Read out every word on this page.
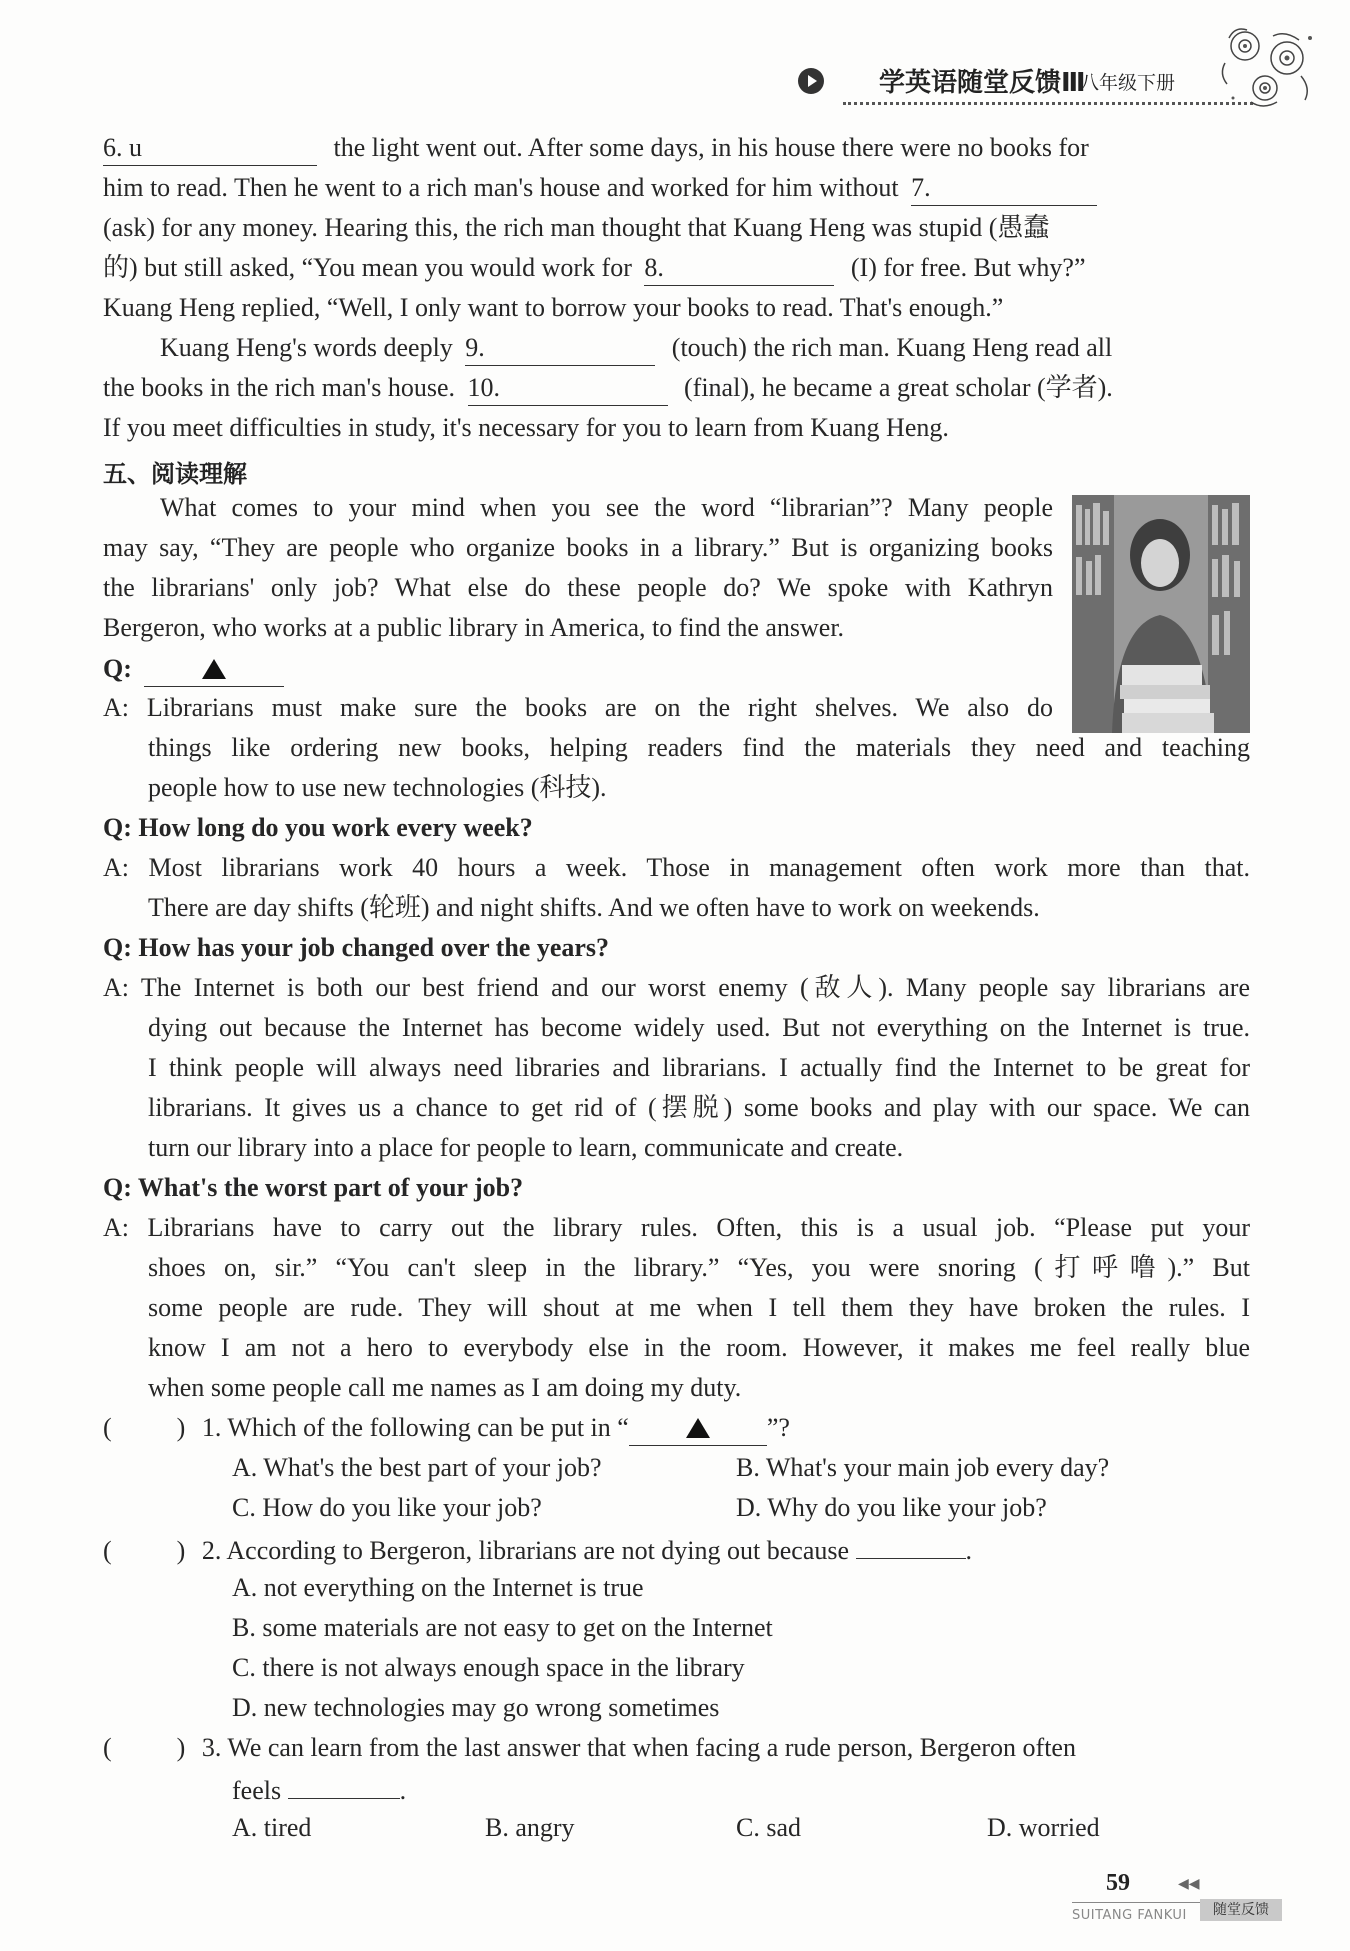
学英语随堂反馈Ⅲ
八年级下册
6. u	the light went out. After some days, in his house there were no books for
him to read. Then he went to a rich man's house and worked for him without 7.
(ask) for any money. Hearing this, the rich man thought that Kuang Heng was stupid (愚蠢
的) but still asked, “You mean you would work for 8.	(I) for free. But why?”
Kuang Heng replied, “Well, I only want to borrow your books to read. That's enough.”
Kuang Heng's words deeply 9.	(touch) the rich man. Kuang Heng read all
the books in the rich man's house. 10.	(final), he became a great scholar (学者).
If you meet difficulties in study, it's necessary for you to learn from Kuang Heng.
五、阅读理解
What comes to your mind when you see the word “librarian”? Many people
may say, “They are people who organize books in a library.” But is organizing books
the librarians' only job? What else do these people do? We spoke with Kathryn
Bergeron, who works at a public library in America, to find the answer.
Q:
A: Librarians must make sure the books are on the right shelves. We also do
things like ordering new books, helping readers find the materials they need and teaching
people how to use new technologies (科技).
Q: How long do you work every week?
A: Most librarians work 40 hours a week. Those in management often work more than that.
There are day shifts (轮班) and night shifts. And we often have to work on weekends.
Q: How has your job changed over the years?
A: The Internet is both our best friend and our worst enemy (敌人). Many people say librarians are
dying out because the Internet has become widely used. But not everything on the Internet is true.
I think people will always need libraries and librarians. I actually find the Internet to be great for
librarians. It gives us a chance to get rid of (摆脱) some books and play with our space. We can
turn our library into a place for people to learn, communicate and create.
Q: What's the worst part of your job?
A: Librarians have to carry out the library rules. Often, this is a usual job. “Please put your
shoes on, sir.” “You can't sleep in the library.” “Yes, you were snoring (打呼噜).” But
some people are rude. They will shout at me when I tell them they have broken the rules. I
know I am not a hero to everybody else in the room. However, it makes me feel really blue
when some people call me names as I am doing my duty.
(	) 1. Which of the following can be put in “	”?
A. What's the best part of your job?	B. What's your main job every day?
C. How do you like your job?	D. Why do you like your job?
(	) 2. According to Bergeron, librarians are not dying out because	.
A. not everything on the Internet is true
B. some materials are not easy to get on the Internet
C. there is not always enough space in the library
D. new technologies may go wrong sometimes
(	) 3. We can learn from the last answer that when facing a rude person, Bergeron often
feels	.
A. tired	B. angry	C. sad	D. worried
59	◀◀
SUITANG FANKUI	随堂反馈
